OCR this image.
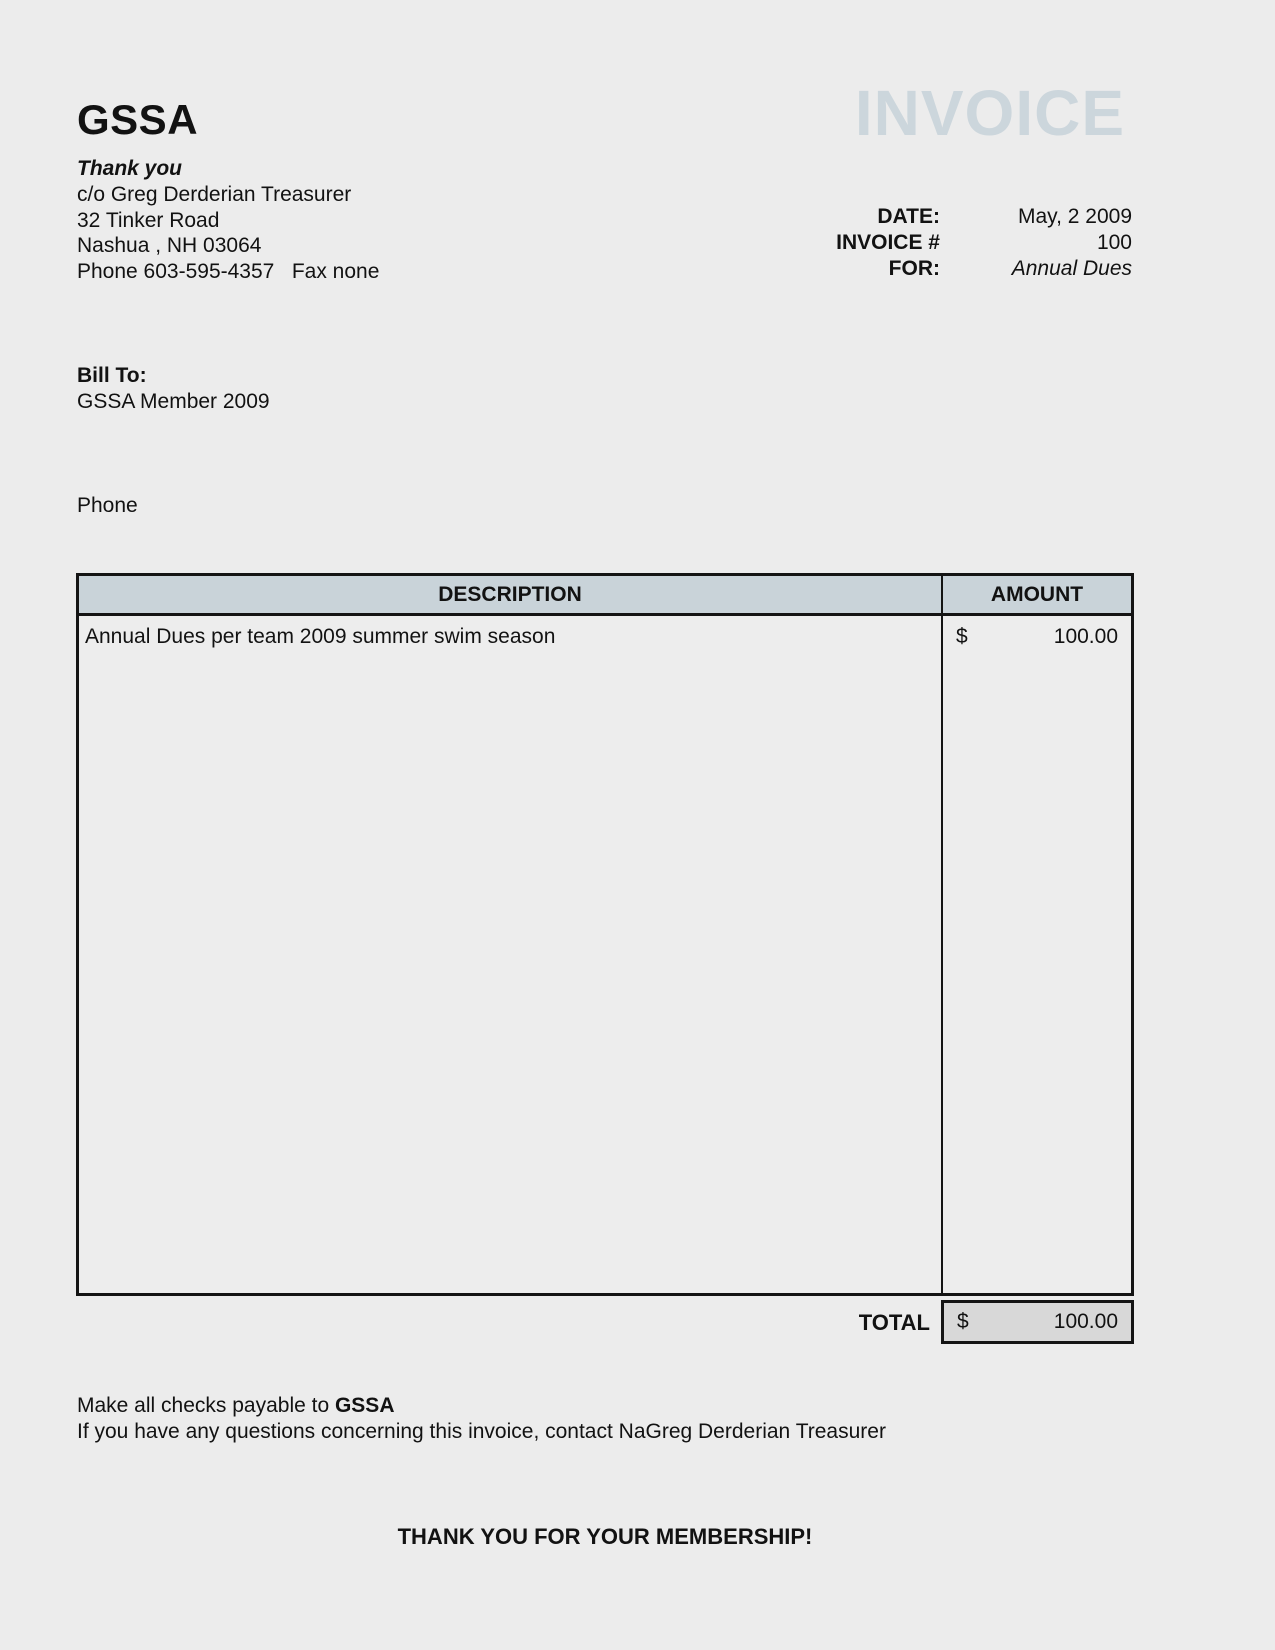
GSSA
Thank you
c/o Greg Derderian Treasurer
32 Tinker Road
Nashua , NH 03064
Phone 603-595-4357   Fax none
INVOICE
DATE:	May, 2 2009
INVOICE #	100
FOR:	Annual Dues
Bill To:
GSSA Member 2009
Phone
DESCRIPTION	AMOUNT
Annual Dues per team 2009 summer swim season	$	100.00
TOTAL $	100.00
Make all checks payable to GSSA
If you have any questions concerning this invoice, contact NaGreg Derderian Treasurer
THANK YOU FOR YOUR MEMBERSHIP!
